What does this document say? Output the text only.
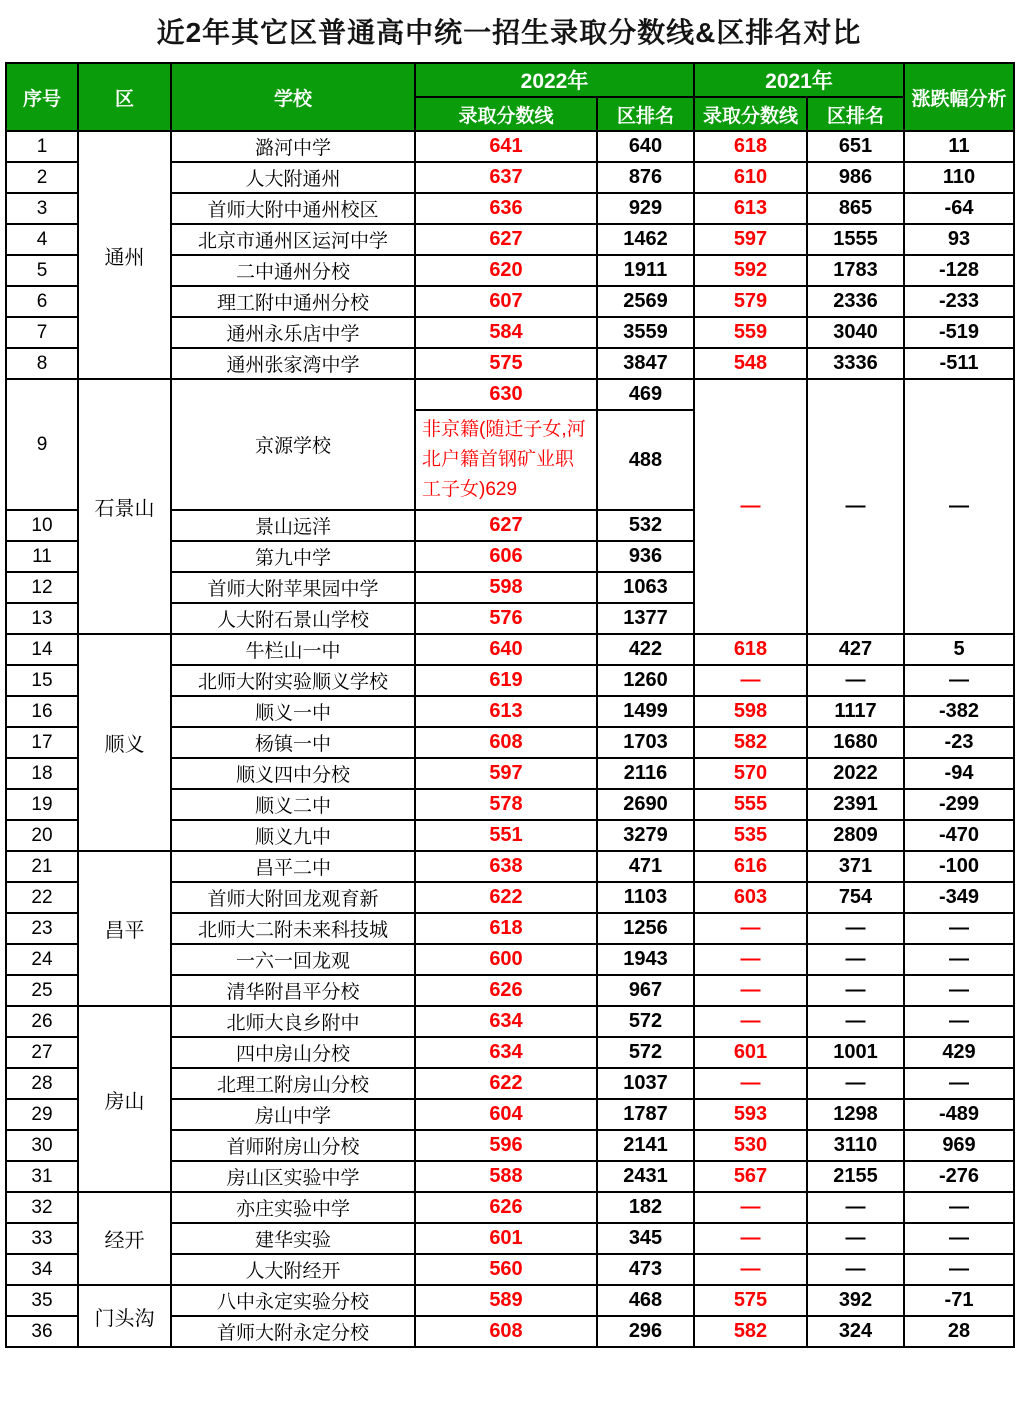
近2年其它区普通高中统一招生录取分数线&区排名对比
序号	区	学校	2022年		2021年		涨跌幅分析
			录取分数线	区排名	录取分数线	区排名	
1	通州	潞河中学	641	640	618	651	11
2		人大附通州	637	876	610	986	110
3		首师大附中通州校区	636	929	613	865	-64
4		北京市通州区运河中学	627	1462	597	1555	93
5		二中通州分校	620	1911	592	1783	-128
6		理工附中通州分校	607	2569	579	2336	-233
7		通州永乐店中学	584	3559	559	3040	-519
8		通州张家湾中学	575	3847	548	3336	-511
9	石景山	京源学校	630	469	—	—	—
			非京籍(随迁子女,河北户籍首钢矿业职工子女)629	488			
10		景山远洋	627	532			
11		第九中学	606	936			
12		首师大附苹果园中学	598	1063			
13		人大附石景山学校	576	1377			
14	顺义	牛栏山一中	640	422	618	427	5
15		北师大附实验顺义学校	619	1260	—	—	—
16		顺义一中	613	1499	598	1117	-382
17		杨镇一中	608	1703	582	1680	-23
18		顺义四中分校	597	2116	570	2022	-94
19		顺义二中	578	2690	555	2391	-299
20		顺义九中	551	3279	535	2809	-470
21	昌平	昌平二中	638	471	616	371	-100
22		首师大附回龙观育新	622	1103	603	754	-349
23		北师大二附未来科技城	618	1256	—	—	—
24		一六一回龙观	600	1943	—	—	—
25		清华附昌平分校	626	967	—	—	—
26	房山	北师大良乡附中	634	572	—	—	—
27		四中房山分校	634	572	601	1001	429
28		北理工附房山分校	622	1037	—	—	—
29		房山中学	604	1787	593	1298	-489
30		首师附房山分校	596	2141	530	3110	969
31		房山区实验中学	588	2431	567	2155	-276
32	经开	亦庄实验中学	626	182	—	—	—
33		建华实验	601	345	—	—	—
34		人大附经开	560	473	—	—	—
35	门头沟	八中永定实验分校	589	468	575	392	-71
36		首师大附永定分校	608	296	582	324	28
